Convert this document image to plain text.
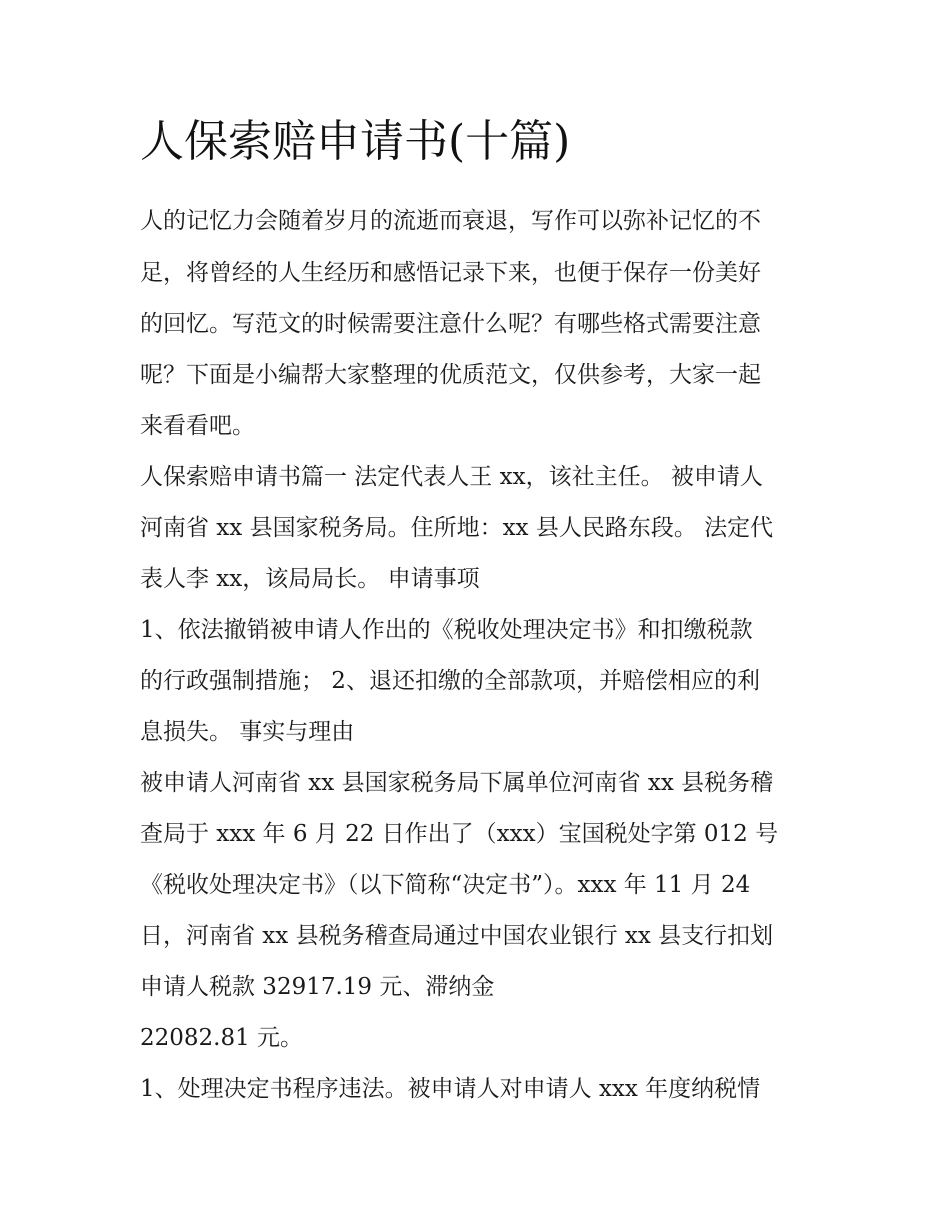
人保索赔申请书(十篇)

人的记忆力会随着岁月的流逝而衰退，写作可以弥补记忆的不

足，将曾经的人生经历和感悟记录下来，也便于保存一份美好

的回忆。写范文的时候需要注意什么呢？有哪些格式需要注意

呢？下面是小编帮大家整理的优质范文，仅供参考，大家一起

来看看吧。

人保索赔申请书篇一 法定代表人王 xx，该社主任。 被申请人

河南省 xx 县国家税务局。住所地：xx 县人民路东段。 法定代

表人李 xx，该局局长。 申请事项

1、依法撤销被申请人作出的《税收处理决定书》和扣缴税款

的行政强制措施； 2、退还扣缴的全部款项，并赔偿相应的利

息损失。 事实与理由

被申请人河南省 xx 县国家税务局下属单位河南省 xx 县税务稽

查局于 xxx 年 6 月 22 日作出了（xxx）宝国税处字第 012 号

《税收处理决定书》（以下简称“决定书”）。xxx 年 11 月 24

日，河南省 xx 县税务稽查局通过中国农业银行 xx 县支行扣划

申请人税款 32917.19 元、滞纳金

22082.81 元。

1、处理决定书程序违法。被申请人对申请人 xxx 年度纳税情
